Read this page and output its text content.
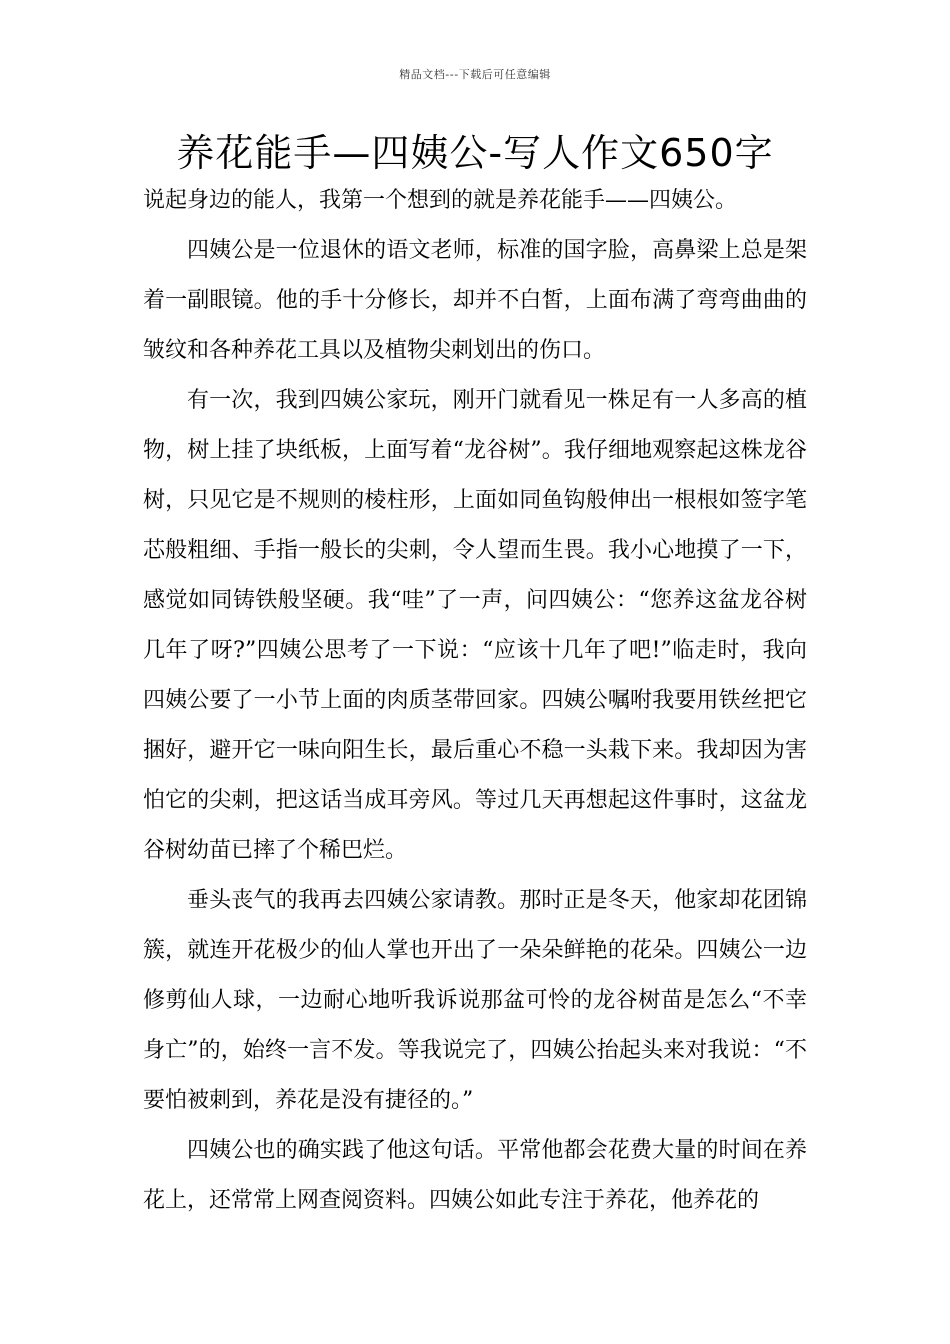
精品文档---下载后可任意编辑
养花能手—四姨公-写人作文650字

说起身边的能人，我第一个想到的就是养花能手——四姨公。

四姨公是一位退休的语文老师，标准的国字脸，高鼻梁上总是架着一副眼镜。他的手十分修长，却并不白皙，上面布满了弯弯曲曲的皱纹和各种养花工具以及植物尖刺划出的伤口。

有一次，我到四姨公家玩，刚开门就看见一株足有一人多高的植物，树上挂了块纸板，上面写着“龙谷树”。我仔细地观察起这株龙谷树，只见它是不规则的棱柱形，上面如同鱼钩般伸出一根根如签字笔芯般粗细、手指一般长的尖刺，令人望而生畏。我小心地摸了一下，感觉如同铸铁般坚硬。我“哇”了一声，问四姨公：“您养这盆龙谷树几年了呀?”四姨公思考了一下说：“应该十几年了吧!”临走时，我向四姨公要了一小节上面的肉质茎带回家。四姨公嘱咐我要用铁丝把它捆好，避开它一味向阳生长，最后重心不稳一头栽下来。我却因为害怕它的尖刺，把这话当成耳旁风。等过几天再想起这件事时，这盆龙谷树幼苗已摔了个稀巴烂。

垂头丧气的我再去四姨公家请教。那时正是冬天，他家却花团锦簇，就连开花极少的仙人掌也开出了一朵朵鲜艳的花朵。四姨公一边修剪仙人球，一边耐心地听我诉说那盆可怜的龙谷树苗是怎么“不幸身亡”的，始终一言不发。等我说完了，四姨公抬起头来对我说：“不要怕被刺到，养花是没有捷径的。”

四姨公也的确实践了他这句话。平常他都会花费大量的时间在养花上，还常常上网查阅资料。四姨公如此专注于养花，他养花的
